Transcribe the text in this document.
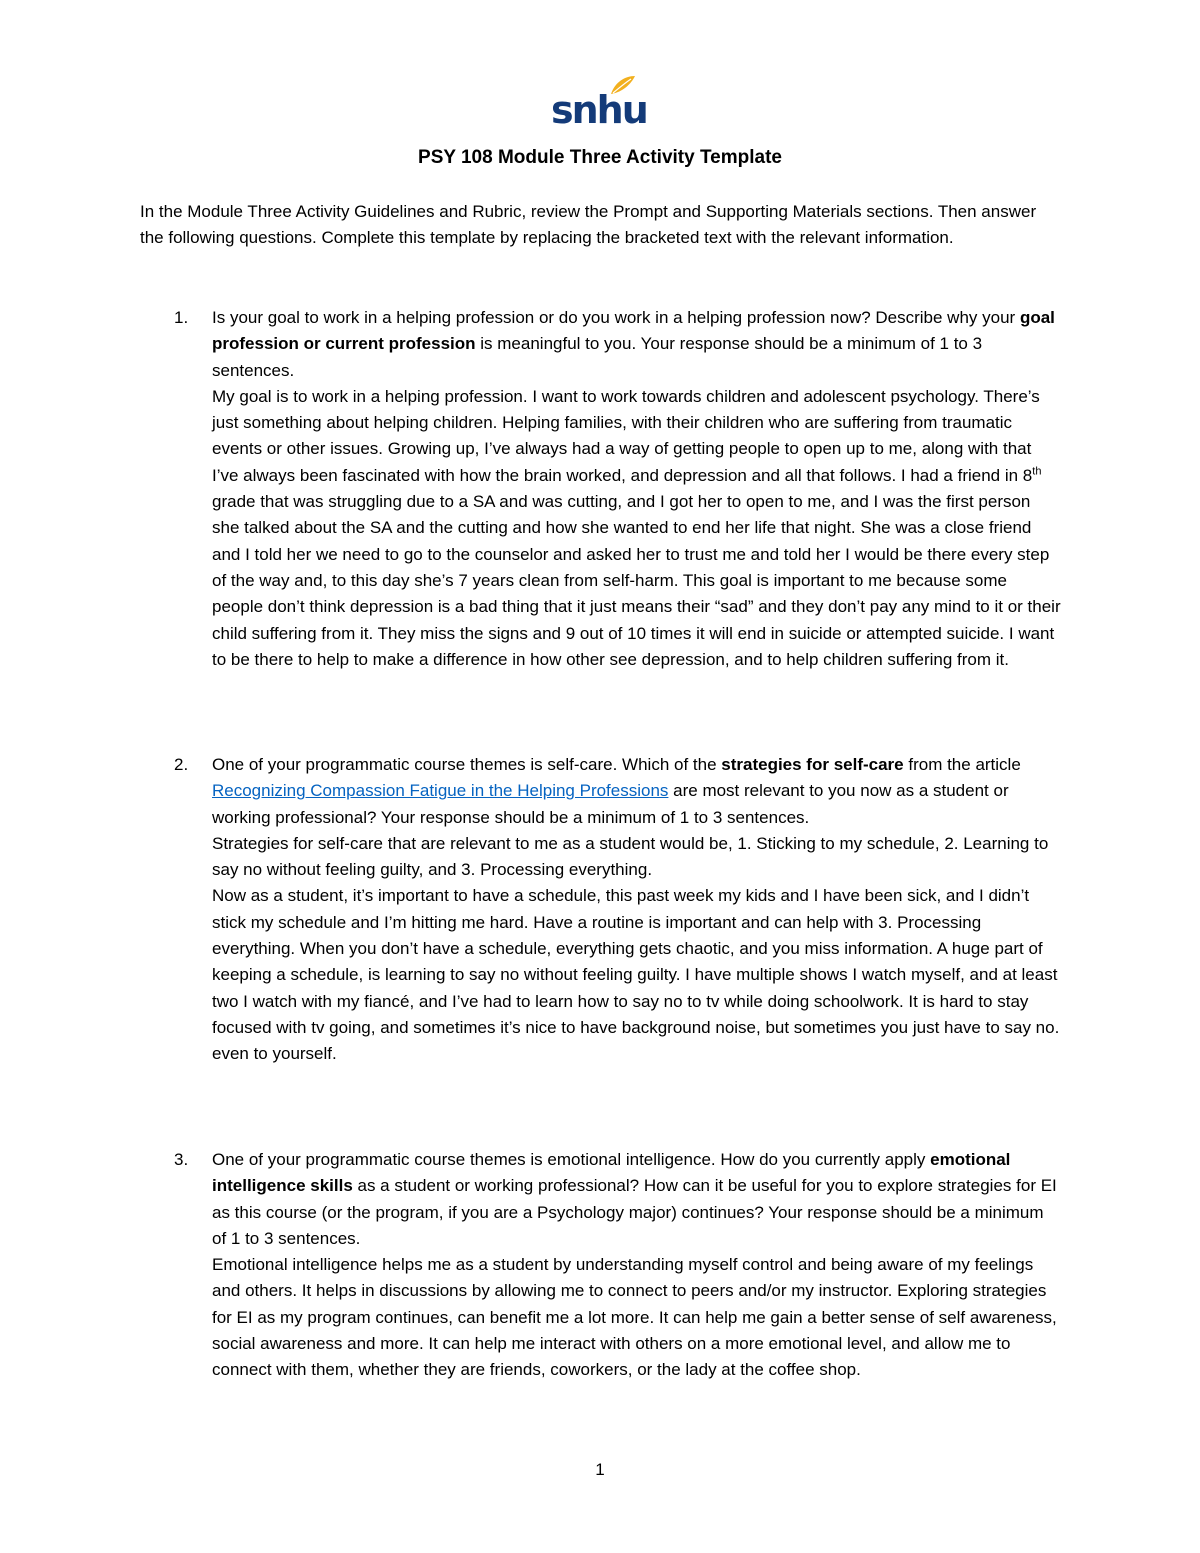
snhu
PSY 108 Module Three Activity Template

In the Module Three Activity Guidelines and Rubric, review the Prompt and Supporting Materials sections. Then answer the following questions. Complete this template by replacing the bracketed text with the relevant information.

1. Is your goal to work in a helping profession or do you work in a helping profession now? Describe why your goal profession or current profession is meaningful to you. Your response should be a minimum of 1 to 3 sentences.

My goal is to work in a helping profession. I want to work towards children and adolescent psychology. There’s just something about helping children. Helping families, with their children who are suffering from traumatic events or other issues. Growing up, I’ve always had a way of getting people to open up to me, along with that I’ve always been fascinated with how the brain worked, and depression and all that follows. I had a friend in 8th grade that was struggling due to a SA and was cutting, and I got her to open to me, and I was the first person she talked about the SA and the cutting and how she wanted to end her life that night. She was a close friend and I told her we need to go to the counselor and asked her to trust me and told her I would be there every step of the way and, to this day she’s 7 years clean from self-harm. This goal is important to me because some people don’t think depression is a bad thing that it just means their “sad” and they don’t pay any mind to it or their child suffering from it. They miss the signs and 9 out of 10 times it will end in suicide or attempted suicide. I want to be there to help to make a difference in how other see depression, and to help children suffering from it.

2. One of your programmatic course themes is self-care. Which of the strategies for self-care from the article Recognizing Compassion Fatigue in the Helping Professions are most relevant to you now as a student or working professional? Your response should be a minimum of 1 to 3 sentences.

Strategies for self-care that are relevant to me as a student would be, 1. Sticking to my schedule, 2. Learning to say no without feeling guilty, and 3. Processing everything.

Now as a student, it’s important to have a schedule, this past week my kids and I have been sick, and I didn’t stick my schedule and I’m hitting me hard. Have a routine is important and can help with 3. Processing everything. When you don’t have a schedule, everything gets chaotic, and you miss information. A huge part of keeping a schedule, is learning to say no without feeling guilty. I have multiple shows I watch myself, and at least two I watch with my fiancé, and I’ve had to learn how to say no to tv while doing schoolwork. It is hard to stay focused with tv going, and sometimes it’s nice to have background noise, but sometimes you just have to say no. even to yourself.

3. One of your programmatic course themes is emotional intelligence. How do you currently apply emotional intelligence skills as a student or working professional? How can it be useful for you to explore strategies for EI as this course (or the program, if you are a Psychology major) continues? Your response should be a minimum of 1 to 3 sentences.

Emotional intelligence helps me as a student by understanding myself control and being aware of my feelings and others. It helps in discussions by allowing me to connect to peers and/or my instructor. Exploring strategies for EI as my program continues, can benefit me a lot more. It can help me gain a better sense of self awareness, social awareness and more. It can help me interact with others on a more emotional level, and allow me to connect with them, whether they are friends, coworkers, or the lady at the coffee shop.

1
